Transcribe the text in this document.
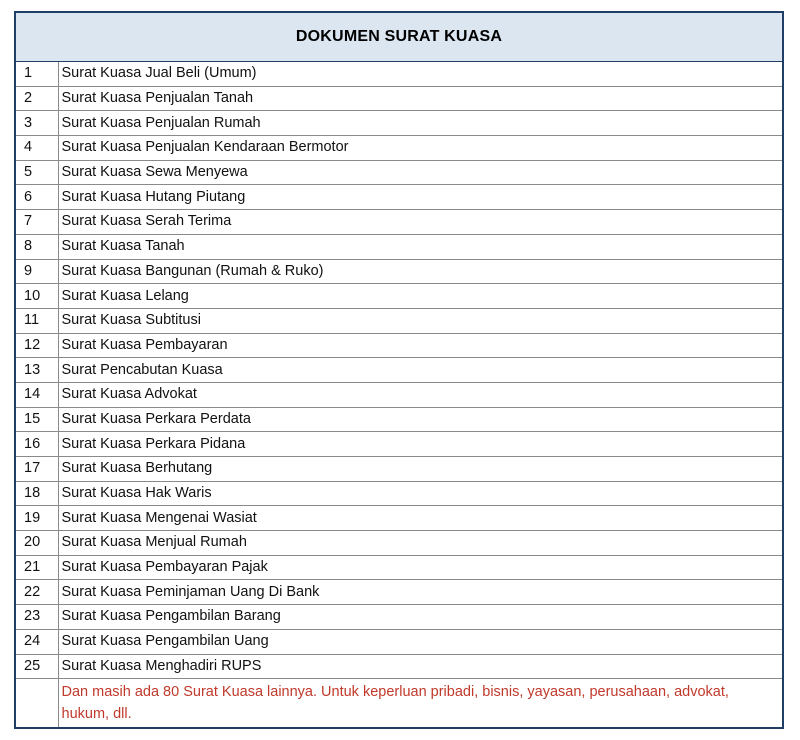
DOKUMEN SURAT KUASA
1	Surat Kuasa Jual Beli (Umum)
2	Surat Kuasa Penjualan Tanah
3	Surat Kuasa Penjualan Rumah
4	Surat Kuasa Penjualan Kendaraan Bermotor
5	Surat Kuasa Sewa Menyewa
6	Surat Kuasa Hutang Piutang
7	Surat Kuasa Serah Terima
8	Surat Kuasa Tanah
9	Surat Kuasa Bangunan (Rumah & Ruko)
10	Surat Kuasa Lelang
11	Surat Kuasa Subtitusi
12	Surat Kuasa Pembayaran
13	Surat Pencabutan Kuasa
14	Surat Kuasa Advokat
15	Surat Kuasa Perkara Perdata
16	Surat Kuasa Perkara Pidana
17	Surat Kuasa Berhutang
18	Surat Kuasa Hak Waris
19	Surat Kuasa Mengenai Wasiat
20	Surat Kuasa Menjual Rumah
21	Surat Kuasa Pembayaran Pajak
22	Surat Kuasa Peminjaman Uang Di Bank
23	Surat Kuasa Pengambilan Barang
24	Surat Kuasa Pengambilan Uang
25	Surat Kuasa Menghadiri RUPS
	Dan masih ada 80 Surat Kuasa lainnya. Untuk keperluan pribadi, bisnis, yayasan, perusahaan, advokat, hukum, dll.
